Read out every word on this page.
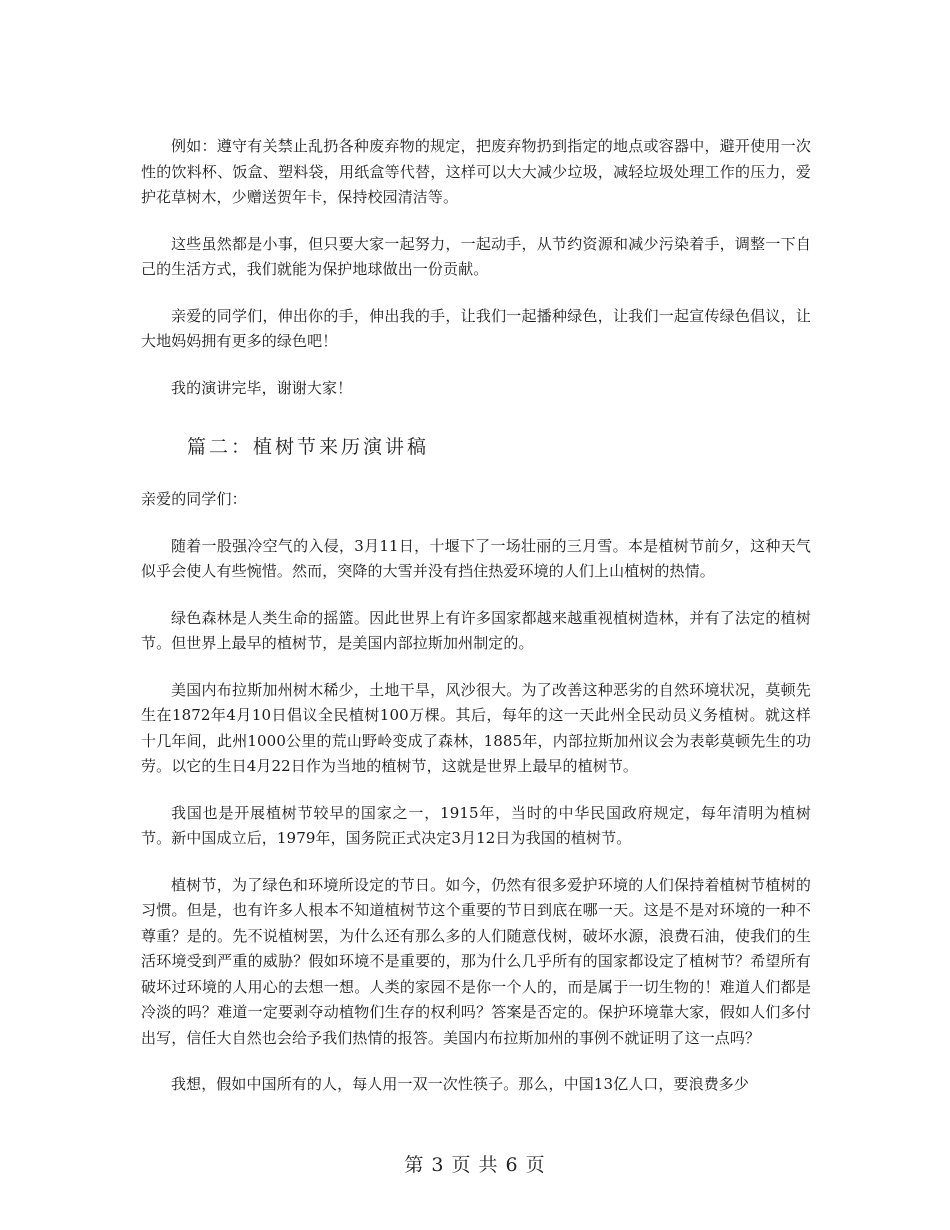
例如：遵守有关禁止乱扔各种废弃物的规定，把废弃物扔到指定的地点或容器中，避开使用一次性的饮料杯、饭盒、塑料袋，用纸盒等代替，这样可以大大减少垃圾，减轻垃圾处理工作的压力，爱护花草树木，少赠送贺年卡，保持校园清洁等。

这些虽然都是小事，但只要大家一起努力，一起动手，从节约资源和减少污染着手，调整一下自己的生活方式，我们就能为保护地球做出一份贡献。

亲爱的同学们，伸出你的手，伸出我的手，让我们一起播种绿色，让我们一起宣传绿色倡议，让大地妈妈拥有更多的绿色吧！

我的演讲完毕，谢谢大家！

篇二：植树节来历演讲稿

亲爱的同学们：

随着一股强冷空气的入侵，3月11日，十堰下了一场壮丽的三月雪。本是植树节前夕，这种天气似乎会使人有些惋惜。然而，突降的大雪并没有挡住热爱环境的人们上山植树的热情。

绿色森林是人类生命的摇篮。因此世界上有许多国家都越来越重视植树造林，并有了法定的植树节。但世界上最早的植树节，是美国内部拉斯加州制定的。

美国内布拉斯加州树木稀少，土地干旱，风沙很大。为了改善这种恶劣的自然环境状况，莫顿先生在1872年4月10日倡议全民植树100万棵。其后，每年的这一天此州全民动员义务植树。就这样十几年间，此州1000公里的荒山野岭变成了森林，1885年，内部拉斯加州议会为表彰莫顿先生的功劳。以它的生日4月22日作为当地的植树节，这就是世界上最早的植树节。

我国也是开展植树节较早的国家之一，1915年，当时的中华民国政府规定，每年清明为植树节。新中国成立后，1979年，国务院正式决定3月12日为我国的植树节。

植树节，为了绿色和环境所设定的节日。如今，仍然有很多爱护环境的人们保持着植树节植树的习惯。但是，也有许多人根本不知道植树节这个重要的节日到底在哪一天。这是不是对环境的一种不尊重？是的。先不说植树罢，为什么还有那么多的人们随意伐树，破坏水源，浪费石油，使我们的生活环境受到严重的威胁？假如环境不是重要的，那为什么几乎所有的国家都设定了植树节？希望所有破坏过环境的人用心的去想一想。人类的家园不是你一个人的，而是属于一切生物的！难道人们都是冷淡的吗？难道一定要剥夺动植物们生存的权利吗？答案是否定的。保护环境靠大家，假如人们多付出写，信任大自然也会给予我们热情的报答。美国内布拉斯加州的事例不就证明了这一点吗？

我想，假如中国所有的人，每人用一双一次性筷子。那么，中国13亿人口，要浪费多少

第 3 页 共 6 页
